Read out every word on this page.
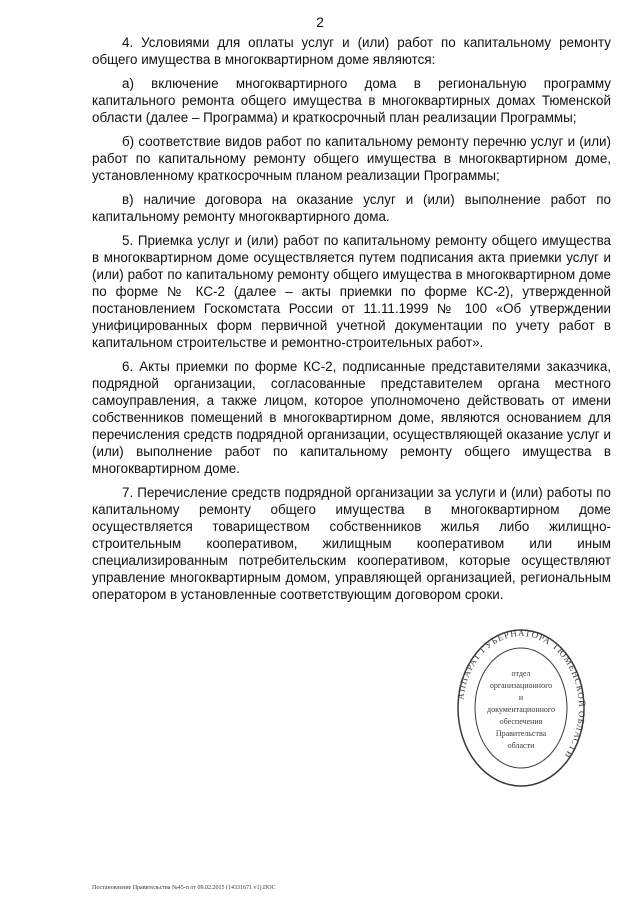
2

4. Условиями для оплаты услуг и (или) работ по капитальному ремонту общего имущества в многоквартирном доме являются:

а) включение многоквартирного дома в региональную программу капитального ремонта общего имущества в многоквартирных домах Тюменской области (далее – Программа) и краткосрочный план реализации Программы;

б) соответствие видов работ по капитальному ремонту перечню услуг и (или) работ по капитальному ремонту общего имущества в многоквартирном доме, установленному краткосрочным планом реализации Программы;

в) наличие договора на оказание услуг и (или) выполнение работ по капитальному ремонту многоквартирного дома.

5. Приемка услуг и (или) работ по капитальному ремонту общего имущества в многоквартирном доме осуществляется путем подписания акта приемки услуг и (или) работ по капитальному ремонту общего имущества в многоквартирном доме по форме № КС-2 (далее – акты приемки по форме КС-2), утвержденной постановлением Госкомстата России от 11.11.1999 № 100 «Об утверждении унифицированных форм первичной учетной документации по учету работ в капитальном строительстве и ремонтно-строительных работ».

6. Акты приемки по форме КС-2, подписанные представителями заказчика, подрядной организации, согласованные представителем органа местного самоуправления, а также лицом, которое уполномочено действовать от имени собственников помещений в многоквартирном доме, являются основанием для перечисления средств подрядной организации, осуществляющей оказание услуг и (или) выполнение работ по капитальному ремонту общего имущества в многоквартирном доме.

7. Перечисление средств подрядной организации за услуги и (или) работы по капитальному ремонту общего имущества в многоквартирном доме осуществляется товариществом собственников жилья либо жилищно-строительным кооперативом, жилищным кооперативом или иным специализированным потребительским кооперативом, которые осуществляют управление многоквартирным домом, управляющей организацией, региональным оператором в установленные соответствующим договором сроки.

АППАРАТ ГУБЕРНАТОРА ТЮМЕНСКО ОБЛАСТИ
отдел
организационного
и
документационного
обеспечения
Правительства
области
Постановление Правительства №45-п от 09.02.2015 (14331671 v1).DOC
